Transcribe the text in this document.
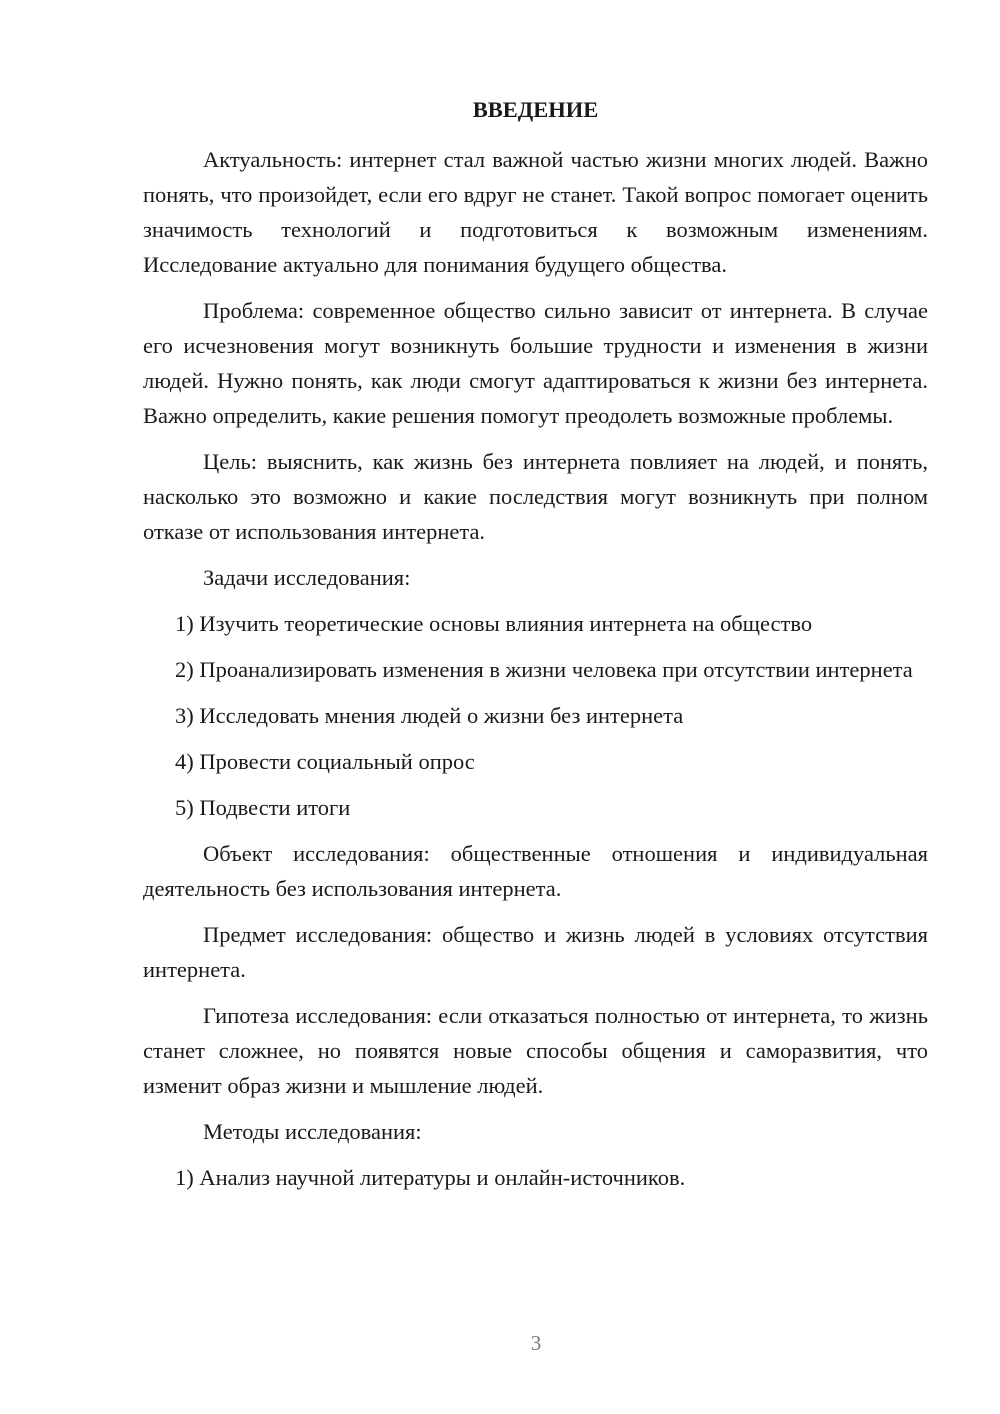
ВВЕДЕНИЕ

Актуальность: интернет стал важной частью жизни многих людей. Важно понять, что произойдет, если его вдруг не станет. Такой вопрос помогает оценить значимость технологий и подготовиться к возможным изменениям. Исследование актуально для понимания будущего общества.

Проблема: современное общество сильно зависит от интернета. В случае его исчезновения могут возникнуть большие трудности и изменения в жизни людей. Нужно понять, как люди смогут адаптироваться к жизни без интернета. Важно определить, какие решения помогут преодолеть возможные проблемы.

Цель: выяснить, как жизнь без интернета повлияет на людей, и понять, насколько это возможно и какие последствия могут возникнуть при полном отказе от использования интернета.

Задачи исследования:

1) Изучить теоретические основы влияния интернета на общество

2) Проанализировать изменения в жизни человека при отсутствии интернета

3) Исследовать мнения людей о жизни без интернета

4) Провести социальный опрос

5) Подвести итоги

Объект исследования: общественные отношения и индивидуальная деятельность без использования интернета.

Предмет исследования: общество и жизнь людей в условиях отсутствия интернета.

Гипотеза исследования: если отказаться полностью от интернета, то жизнь станет сложнее, но появятся новые способы общения и саморазвития, что изменит образ жизни и мышление людей.

Методы исследования:

1) Анализ научной литературы и онлайн-источников.

3
